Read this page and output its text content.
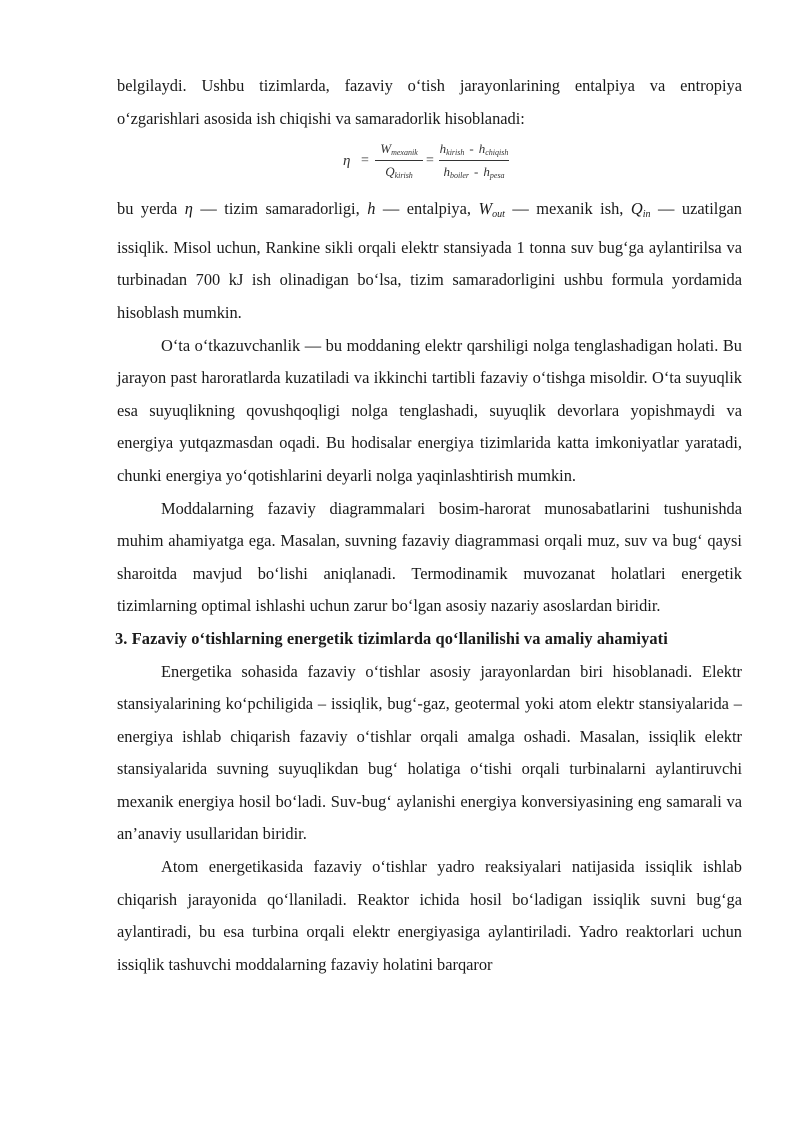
belgilaydi. Ushbu tizimlarda, fazaviy o‘tish jarayonlarining entalpiya va entropiya o‘zgarishlari asosida ish chiqishi va samaradorlik hisoblanadi:

η =
$W_{mexanik}$
$Q_{kirish}$
=
$h_{kirish} - h_{chiqish}$
$h_{boiler} - h_{pesa}$

bu yerda η — tizim samaradorligi, h — entalpiya, $W_{out}$ — mexanik ish, $Q_{in}$ — uzatilgan issiqlik. Misol uchun, Rankine sikli orqali elektr stansiyada 1 tonna suv bug‘ga aylantirilsa va turbinadan 700 kJ ish olinadigan bo‘lsa, tizim samaradorligini ushbu formula yordamida hisoblash mumkin.

O‘ta o‘tkazuvchanlik — bu moddaning elektr qarshiligi nolga tenglashadigan holati. Bu jarayon past haroratlarda kuzatiladi va ikkinchi tartibli fazaviy o‘tishga misoldir. O‘ta suyuqlik esa suyuqlikning qovushqoqligi nolga tenglashadi, suyuqlik devorlara yopishmaydi va energiya yutqazmasdan oqadi. Bu hodisalar energiya tizimlarida katta imkoniyatlar yaratadi, chunki energiya yo‘qotishlarini deyarli nolga yaqinlashtirish mumkin.

Moddalarning fazaviy diagrammalari bosim-harorat munosabatlarini tushunishda muhim ahamiyatga ega. Masalan, suvning fazaviy diagrammasi orqali muz, suv va bug‘ qaysi sharoitda mavjud bo‘lishi aniqlanadi. Termodinamik muvozanat holatlari energetik tizimlarning optimal ishlashi uchun zarur bo‘lgan asosiy nazariy asoslardan biridir.

3. Fazaviy o‘tishlarning energetik tizimlarda qo‘llanilishi va amaliy ahamiyati

Energetika sohasida fazaviy o‘tishlar asosiy jarayonlardan biri hisoblanadi. Elektr stansiyalarining ko‘pchiligida – issiqlik, bug‘-gaz, geotermal yoki atom elektr stansiyalarida – energiya ishlab chiqarish fazaviy o‘tishlar orqali amalga oshadi. Masalan, issiqlik elektr stansiyalarida suvning suyuqlikdan bug‘ holatiga o‘tishi orqali turbinalarni aylantiruvchi mexanik energiya hosil bo‘ladi. Suv-bug‘ aylanishi energiya konversiyasining eng samarali va an’anaviy usullaridan biridir.

Atom energetikasida fazaviy o‘tishlar yadro reaksiyalari natijasida issiqlik ishlab chiqarish jarayonida qo‘llaniladi. Reaktor ichida hosil bo‘ladigan issiqlik suvni bug‘ga aylantiradi, bu esa turbina orqali elektr energiyasiga aylantiriladi. Yadro reaktorlari uchun issiqlik tashuvchi moddalarning fazaviy holatini barqaror
